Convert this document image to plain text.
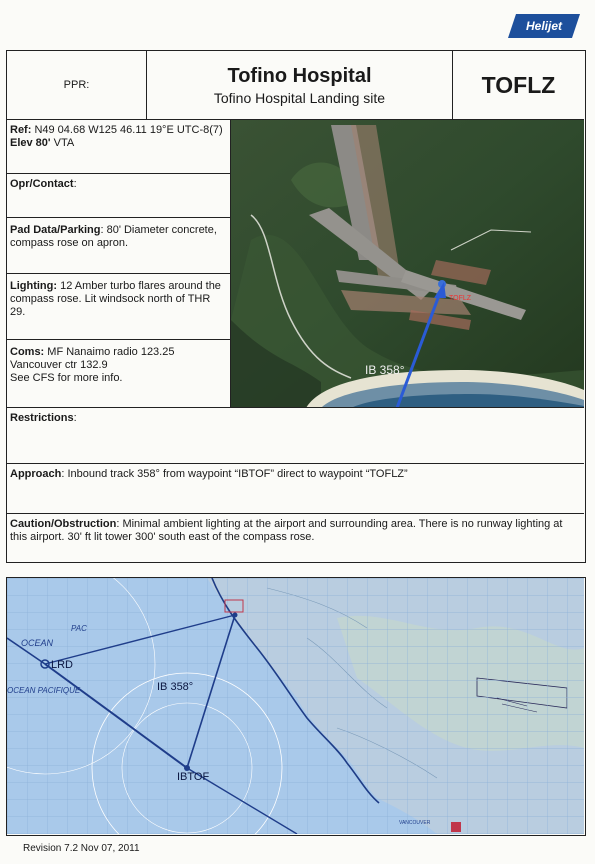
Helijet
PPR:	Tofino Hospital
Tofino Hospital Landing site
TOFLZ
Ref: N49 04.68 W125 46.11 19°E UTC-8(7) Elev 80' VTA
Opr/Contact:
Pad Data/Parking: 80' Diameter concrete, compass rose on apron.
Lighting: 12 Amber turbo flares around the compass rose. Lit windsock north of THR 29.
Coms: MF Nanaimo radio 123.25
Vancouver ctr 132.9
See CFS for more info.
TOFLZ
IB 358°
Restrictions:
Approach: Inbound track 358° from waypoint “IBTOF” direct to waypoint “TOFLZ”
Caution/Obstruction: Minimal ambient lighting at the airport and surrounding area. There is no runway lighting at this airport. 30' ft lit tower 300' south east of the compass rose.
OCEAN
PAC
OCEAN PACIFIQUE
LRD
IBTOF
IB 358°
VANCOUVER
Revision 7.2 Nov 07, 2011
